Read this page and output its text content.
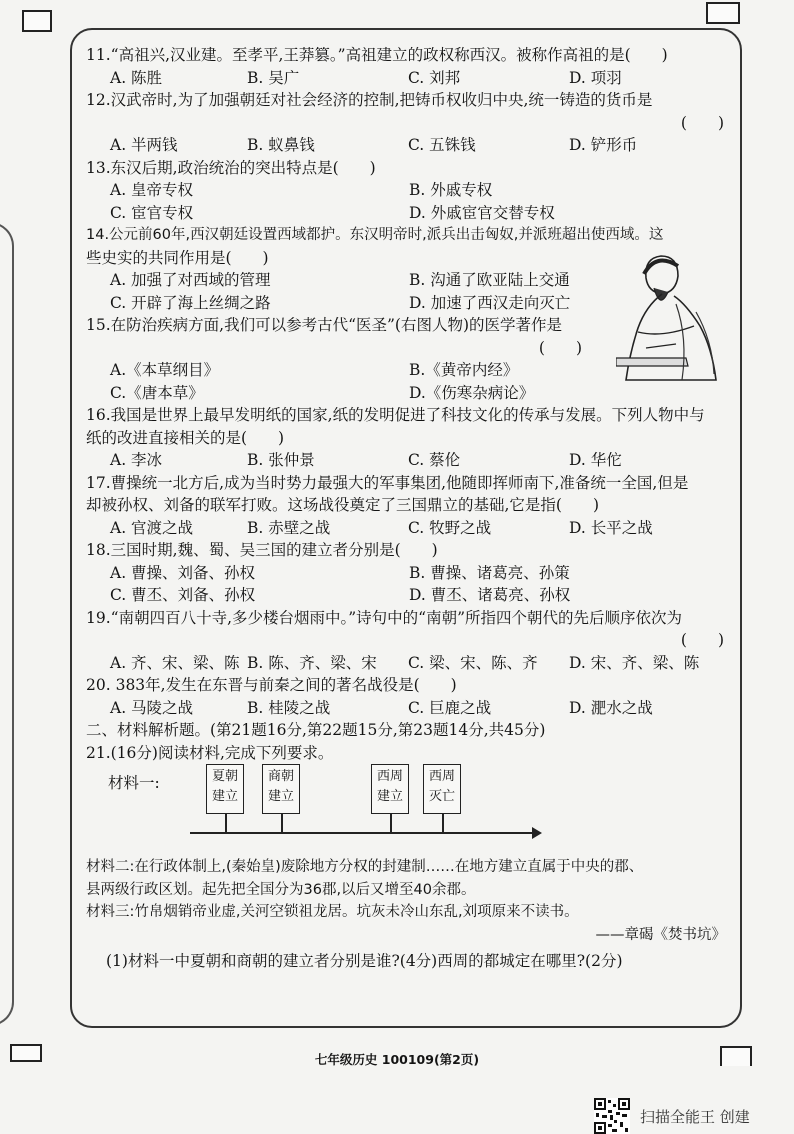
11.“高祖兴,汉业建。至孝平,王莽篡。”高祖建立的政权称西汉。被称作高祖的是(　　)
A. 陈胜	B. 吴广	C. 刘邦	D. 项羽
12.汉武帝时,为了加强朝廷对社会经济的控制,把铸币权收归中央,统一铸造的货币是
(　　)
A. 半两钱	B. 蚁鼻钱	C. 五铢钱	D. 铲形币
13.东汉后期,政治统治的突出特点是(　　)
A. 皇帝专权	B. 外戚专权
C. 宦官专权	D. 外戚宦官交替专权
14.公元前60年,西汉朝廷设置西域都护。东汉明帝时,派兵出击匈奴,并派班超出使西域。这
些史实的共同作用是(　　)
A. 加强了对西域的管理	B. 沟通了欧亚陆上交通
C. 开辟了海上丝绸之路	D. 加速了西汉走向灭亡
15.在防治疾病方面,我们可以参考古代“医圣”(右图人物)的医学著作是
(　　)
A.《本草纲目》	B.《黄帝内经》
C.《唐本草》	D.《伤寒杂病论》
16.我国是世界上最早发明纸的国家,纸的发明促进了科技文化的传承与发展。下列人物中与
纸的改进直接相关的是(　　)
A. 李冰	B. 张仲景	C. 蔡伦	D. 华佗
17.曹操统一北方后,成为当时势力最强大的军事集团,他随即挥师南下,准备统一全国,但是
却被孙权、刘备的联军打败。这场战役奠定了三国鼎立的基础,它是指(　　)
A. 官渡之战	B. 赤壁之战	C. 牧野之战	D. 长平之战
18.三国时期,魏、蜀、吴三国的建立者分别是(　　)
A. 曹操、刘备、孙权	B. 曹操、诸葛亮、孙策
C. 曹丕、刘备、孙权	D. 曹丕、诸葛亮、孙权
19.“南朝四百八十寺,多少楼台烟雨中。”诗句中的“南朝”所指四个朝代的先后顺序依次为
(　　)
A. 齐、宋、梁、陈 B. 陈、齐、梁、宋	C. 梁、宋、陈、齐	D. 宋、齐、梁、陈
20. 383年,发生在东晋与前秦之间的著名战役是(　　)
A. 马陵之战	B. 桂陵之战	C. 巨鹿之战	D. 淝水之战
二、材料解析题。(第21题16分,第22题15分,第23题14分,共45分)
21.(16分)阅读材料,完成下列要求。
材料一:	夏朝
建立
商朝
建立
西周
建立
西周
灭亡
材料二:在行政体制上,(秦始皇)废除地方分权的封建制……在地方建立直属于中央的郡、
县两级行政区划。起先把全国分为36郡,以后又增至40余郡。
材料三:竹帛烟销帝业虚,关河空锁祖龙居。坑灰未冷山东乱,刘项原来不读书。
——章碣《焚书坑》
(1)材料一中夏朝和商朝的建立者分别是谁?(4分)西周的都城定在哪里?(2分)
七年级历史 100109(第2页)
扫描全能王 创建
